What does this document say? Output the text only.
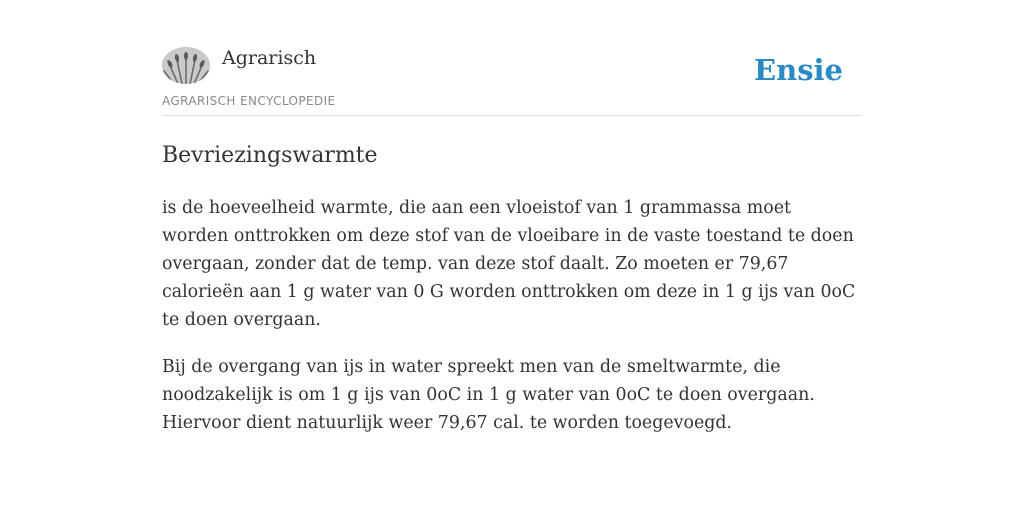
Agrarisch
AGRARISCH ENCYCLOPEDIE
Ensie
Bevriezingswarmte

is de hoeveelheid warmte, die aan een vloeistof van 1 grammassa moet worden onttrokken om deze stof van de vloeibare in de vaste toestand te doen overgaan, zonder dat de temp. van deze stof daalt. Zo moeten er 79,67 calorieën aan 1 g water van 0 G worden onttrokken om deze in 1 g ijs van 0oC te doen overgaan.

Bij de overgang van ijs in water spreekt men van de smeltwarmte, die noodzakelijk is om 1 g ijs van 0oC in 1 g water van 0oC te doen overgaan. Hiervoor dient natuurlijk weer 79,67 cal. te worden toegevoegd.
